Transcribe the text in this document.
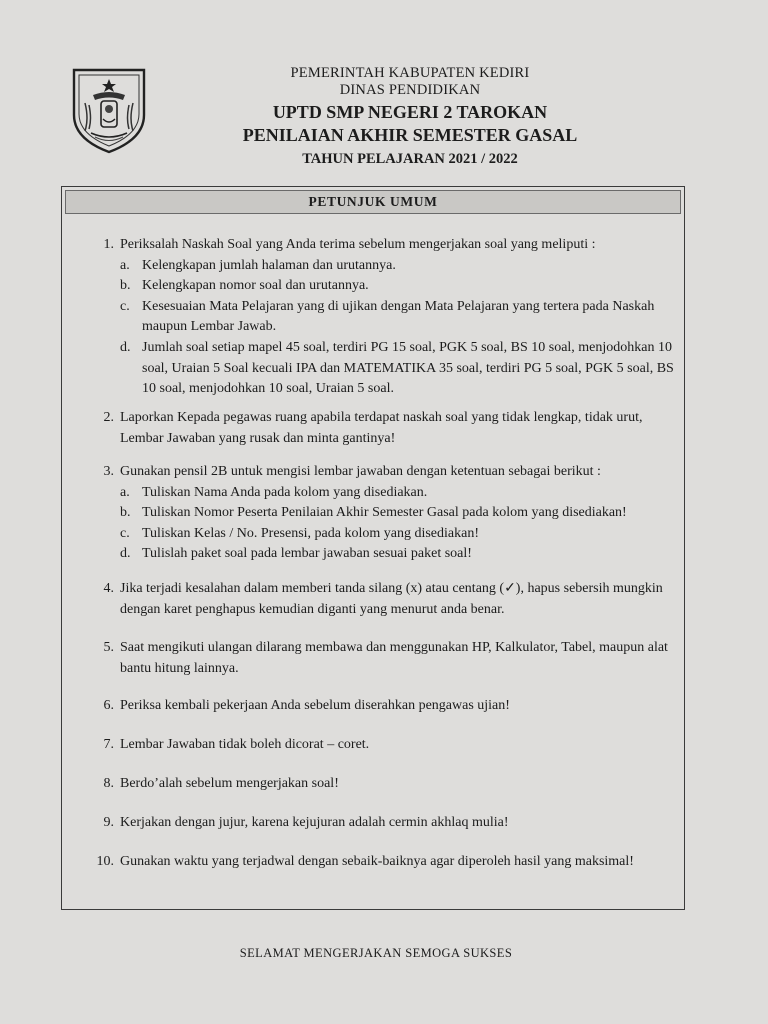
PEMERINTAH KABUPATEN KEDIRI
DINAS PENDIDIKAN
UPTD SMP NEGERI 2 TAROKAN
PENILAIAN AKHIR SEMESTER GASAL
TAHUN PELAJARAN 2021 / 2022
PETUNJUK UMUM
1. Periksalah Naskah Soal yang Anda terima sebelum mengerjakan soal yang meliputi :
a. Kelengkapan jumlah halaman dan urutannya.
b. Kelengkapan nomor soal dan urutannya.
c. Kesesuaian Mata Pelajaran yang di ujikan dengan Mata Pelajaran yang tertera pada Naskah maupun Lembar Jawab.
d. Jumlah soal setiap mapel 45 soal, terdiri PG 15 soal, PGK 5 soal, BS 10 soal, menjodohkan 10 soal, Uraian 5 Soal kecuali IPA dan MATEMATIKA 35 soal, terdiri PG 5 soal, PGK 5 soal, BS 10 soal, menjodohkan 10 soal, Uraian 5 soal.
2. Laporkan Kepada pegawas ruang apabila terdapat naskah soal yang tidak lengkap, tidak urut, Lembar Jawaban yang rusak dan minta gantinya!
3. Gunakan pensil 2B untuk mengisi lembar jawaban dengan ketentuan sebagai berikut :
a. Tuliskan Nama Anda pada kolom yang disediakan.
b. Tuliskan Nomor Peserta Penilaian Akhir Semester Gasal pada kolom yang disediakan!
c. Tuliskan Kelas / No. Presensi, pada kolom yang disediakan!
d. Tulislah paket soal pada lembar jawaban sesuai paket soal!
4. Jika terjadi kesalahan dalam memberi tanda silang (x) atau centang (✓), hapus sebersih mungkin dengan karet penghapus kemudian diganti yang menurut anda benar.
5. Saat mengikuti ulangan dilarang membawa dan menggunakan HP, Kalkulator, Tabel, maupun alat bantu hitung lainnya.
6. Periksa kembali pekerjaan Anda sebelum diserahkan pengawas ujian!
7. Lembar Jawaban tidak boleh dicorat – coret.
8. Berdo’alah sebelum mengerjakan soal!
9. Kerjakan dengan jujur, karena kejujuran adalah cermin akhlaq mulia!
10. Gunakan waktu yang terjadwal dengan sebaik-baiknya agar diperoleh hasil yang maksimal!
SELAMAT MENGERJAKAN SEMOGA SUKSES
